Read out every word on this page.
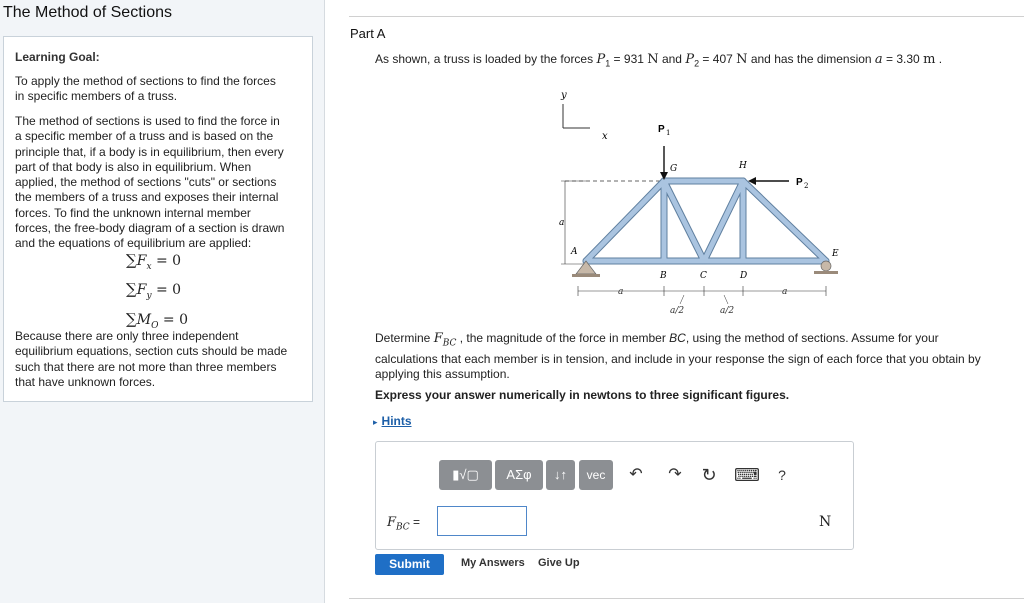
The Method of Sections
Learning Goal:
To apply the method of sections to find the forces
in specific members of a truss.
The method of sections is used to find the force in
a specific member of a truss and is based on the
principle that, if a body is in equilibrium, then every
part of that body is also in equilibrium. When
applied, the method of sections "cuts" or sections
the members of a truss and exposes their internal
forces. To find the unknown internal member
forces, the free-body diagram of a section is drawn
and the equations of equilibrium are applied:
$\sum F_x = 0$
$\sum F_y = 0$
$\sum M_O = 0$
Because there are only three independent
equilibrium equations, section cuts should be made
such that there are not more than three members
that have unknown forces.
Part A
As shown, a truss is loaded by the forces $P_1 = 931$ N and $P_2 = 407$ N and has the dimension a = 3.30 m .
y
x
a
P 1
P 2
G	H
A	E
B	C	D
a	a
a/2	a/2
Determine $F_{BC}$ , the magnitude of the force in member BC, using the method of sections. Assume for your
calculations that each member is in tension, and include in your response the sign of each force that you obtain by
applying this assumption.
Express your answer numerically in newtons to three significant figures.
▸ Hints
▮√▢	ΑΣφ	↓↑	vec	↶ ↷ ↻ ⌨	?
$F_{BC}$ =	N
Submit	My Answers Give Up
